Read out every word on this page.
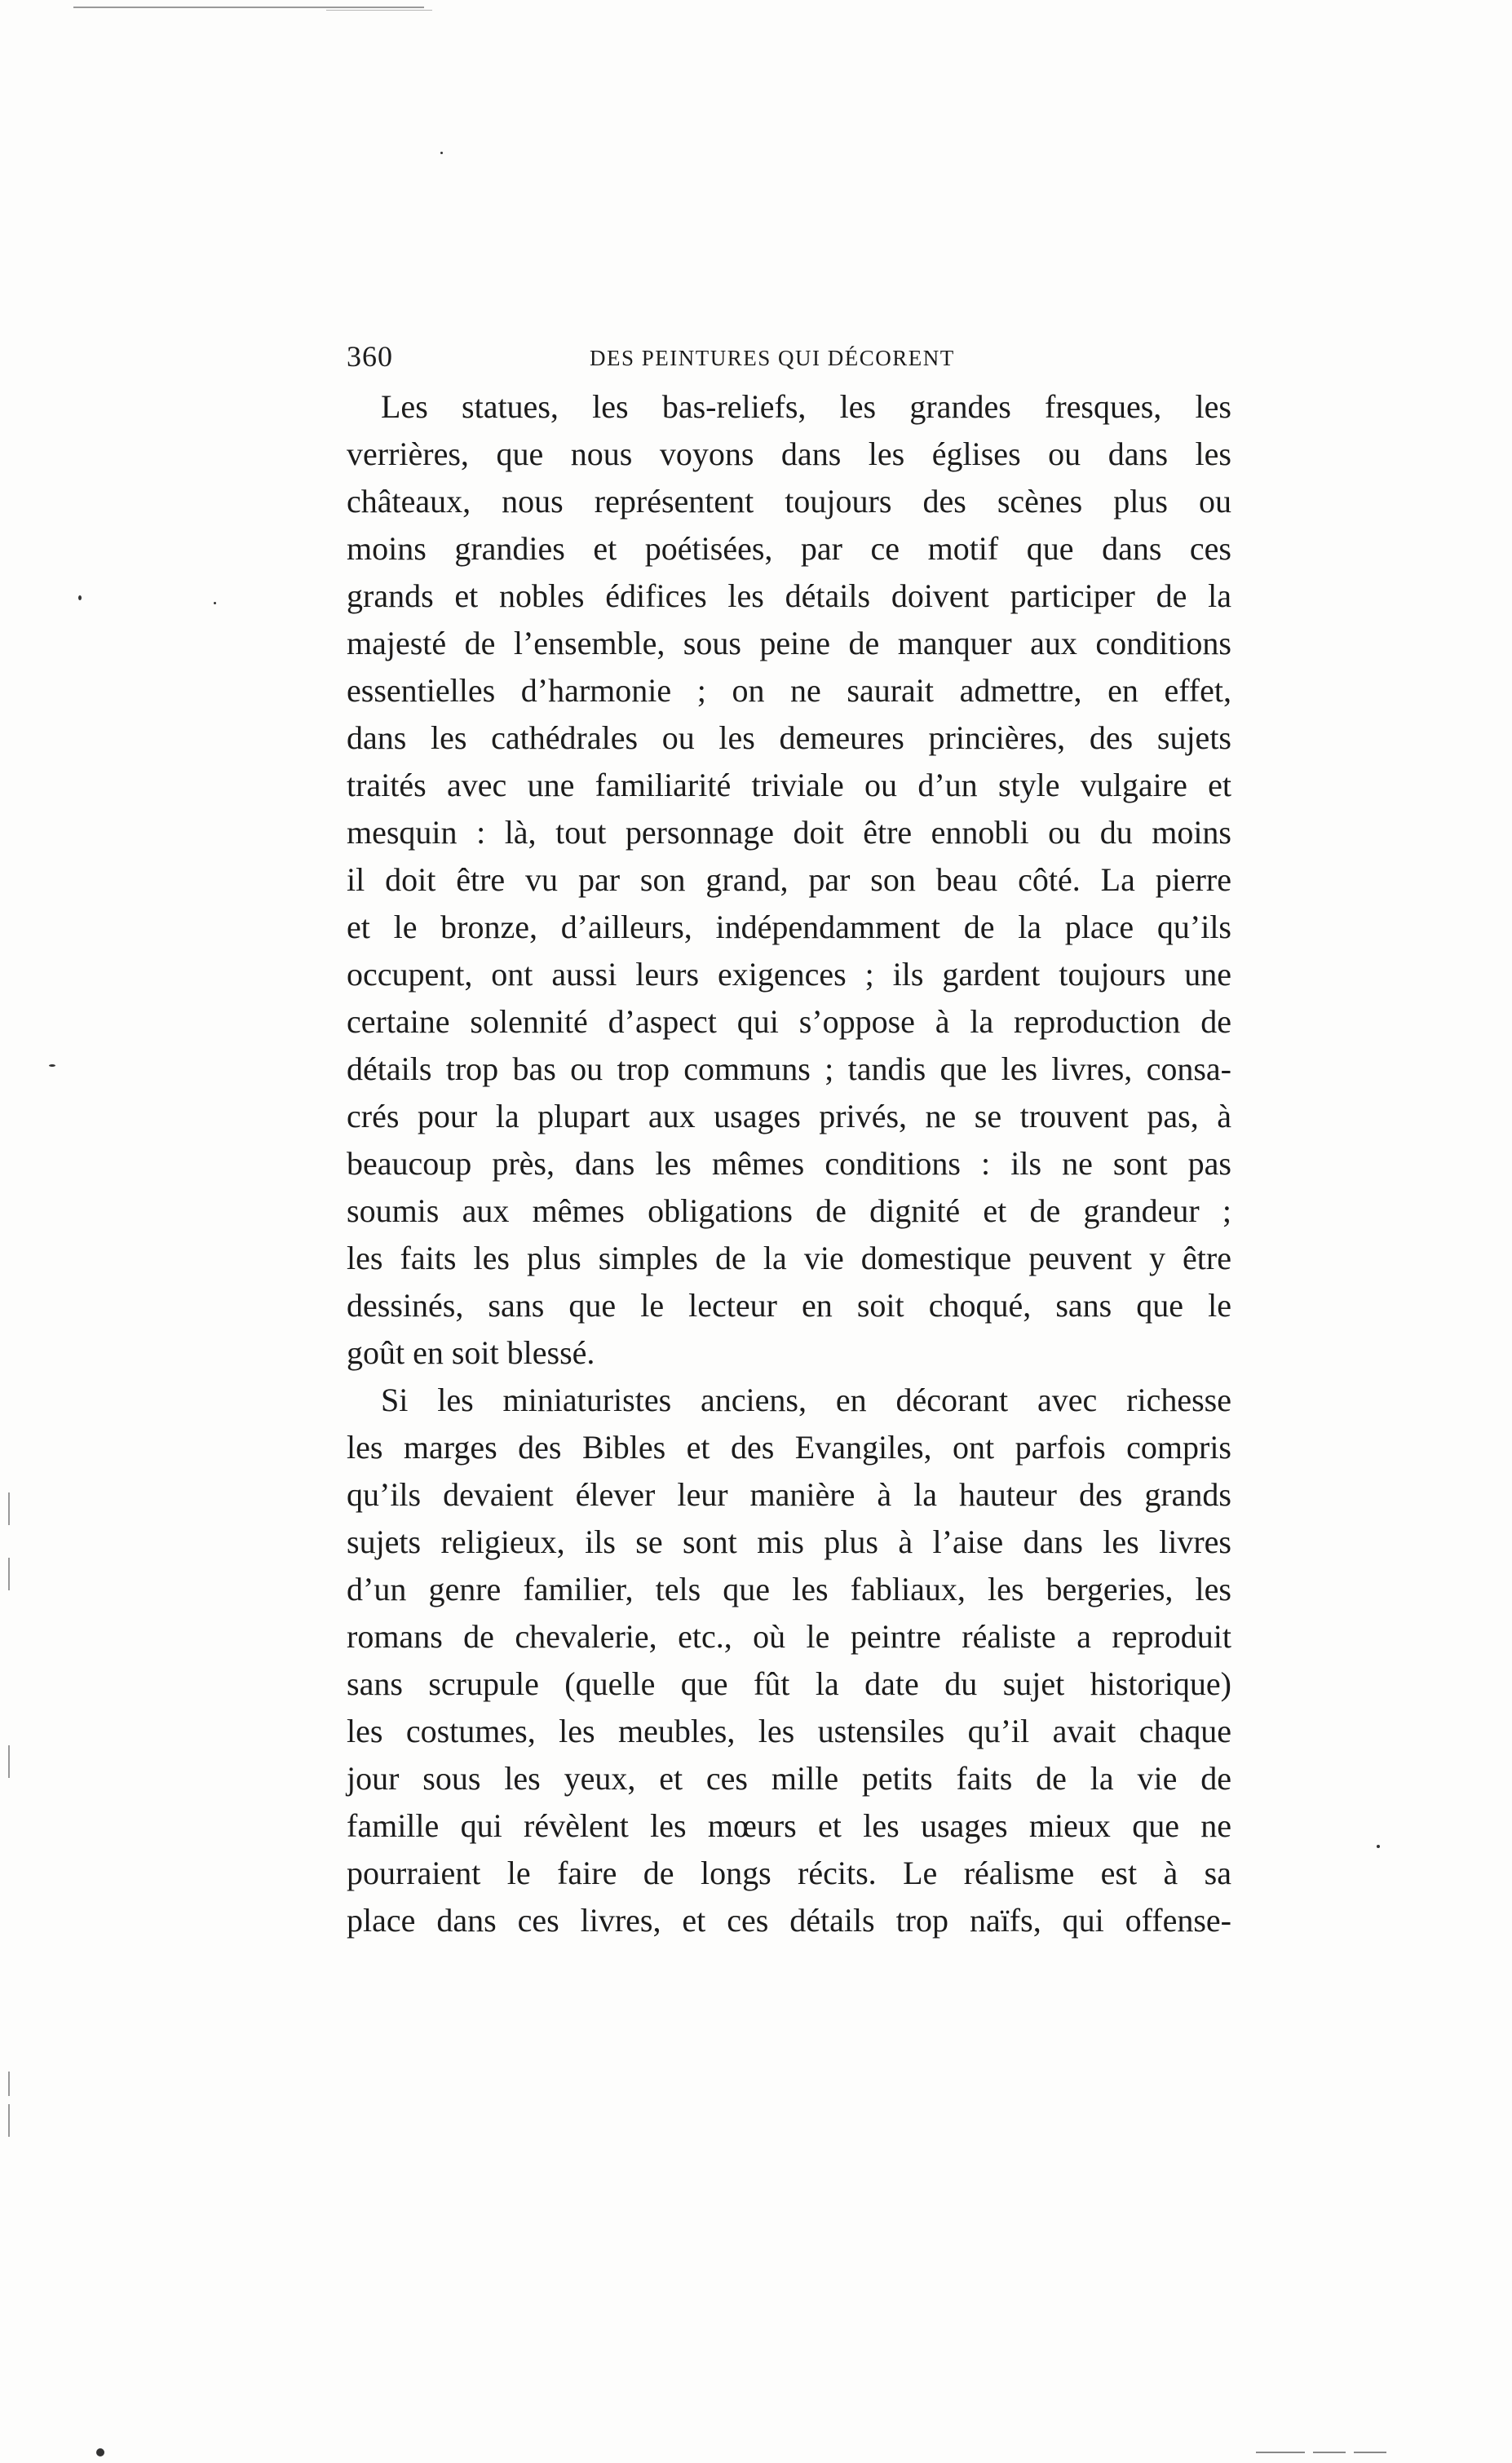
360	DES PEINTURES QUI DÉCORENT
Les statues, les bas-reliefs, les grandes fresques, les
verrières, que nous voyons dans les églises ou dans les
châteaux, nous représentent toujours des scènes plus ou
moins grandies et poétisées, par ce motif que dans ces
grands et nobles édifices les détails doivent participer de la
majesté de l’ensemble, sous peine de manquer aux conditions
essentielles d’harmonie ; on ne saurait admettre, en effet,
dans les cathédrales ou les demeures princières, des sujets
traités avec une familiarité triviale ou d’un style vulgaire et
mesquin : là, tout personnage doit être ennobli ou du moins
il doit être vu par son grand, par son beau côté. La pierre
et le bronze, d’ailleurs, indépendamment de la place qu’ils
occupent, ont aussi leurs exigences ; ils gardent toujours une
certaine solennité d’aspect qui s’oppose à la reproduction de
détails trop bas ou trop communs ; tandis que les livres, consa-
crés pour la plupart aux usages privés, ne se trouvent pas, à
beaucoup près, dans les mêmes conditions : ils ne sont pas
soumis aux mêmes obligations de dignité et de grandeur ;
les faits les plus simples de la vie domestique peuvent y être
dessinés, sans que le lecteur en soit choqué, sans que le
goût en soit blessé.
Si les miniaturistes anciens, en décorant avec richesse
les marges des Bibles et des Evangiles, ont parfois compris
qu’ils devaient élever leur manière à la hauteur des grands
sujets religieux, ils se sont mis plus à l’aise dans les livres
d’un genre familier, tels que les fabliaux, les bergeries, les
romans de chevalerie, etc., où le peintre réaliste a reproduit
sans scrupule (quelle que fût la date du sujet historique)
les costumes, les meubles, les ustensiles qu’il avait chaque
jour sous les yeux, et ces mille petits faits de la vie de
famille qui révèlent les mœurs et les usages mieux que ne
pourraient le faire de longs récits. Le réalisme est à sa
place dans ces livres, et ces détails trop naïfs, qui offense-
